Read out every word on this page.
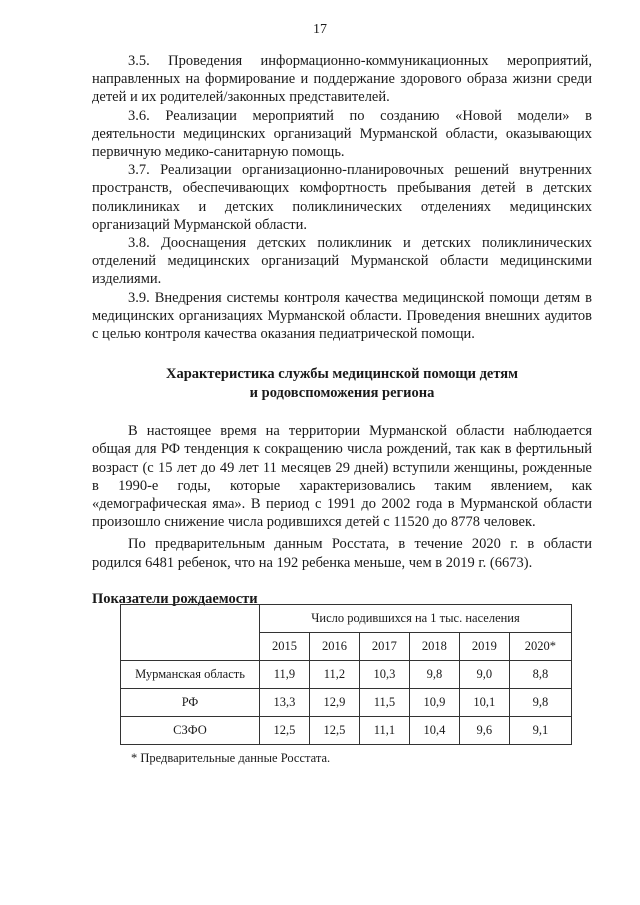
17

3.5. Проведения информационно-коммуникационных мероприятий, направленных на формирование и поддержание здорового образа жизни среди детей и их родителей/законных представителей.

3.6. Реализации мероприятий по созданию «Новой модели» в деятельности медицинских организаций Мурманской области, оказывающих первичную медико-санитарную помощь.

3.7. Реализации организационно-планировочных решений внутренних пространств, обеспечивающих комфортность пребывания детей в детских поликлиниках и детских поликлинических отделениях медицинских организаций Мурманской области.

3.8. Дооснащения детских поликлиник и детских поликлинических отделений медицинских организаций Мурманской области медицинскими изделиями.

3.9. Внедрения системы контроля качества медицинской помощи детям в медицинских организациях Мурманской области. Проведения внешних аудитов с целью контроля качества оказания педиатрической помощи.

Характеристика службы медицинской помощи детям
и родовспоможения региона

В настоящее время на территории Мурманской области наблюдается общая для РФ тенденция к сокращению числа рождений, так как в фертильный возраст (с 15 лет до 49 лет 11 месяцев 29 дней) вступили женщины, рожденные в 1990-е годы, которые характеризовались таким явлением, как «демографическая яма». В период с 1991 до 2002 года в Мурманской области произошло снижение числа родившихся детей с 11520 до 8778 человек.

По предварительным данным Росстата, в течение 2020 г. в области родился 6481 ребенок, что на 192 ребенка меньше, чем в 2019 г. (6673).

Показатели рождаемости

	Число родившихся на 1 тыс. населения					
	2015	2016	2017	2018	2019	2020*
Мурманская область	11,9	11,2	10,3	9,8	9,0	8,8
РФ	13,3	12,9	11,5	10,9	10,1	9,8
СЗФО	12,5	12,5	11,1	10,4	9,6	9,1
* Предварительные данные Росстата.
